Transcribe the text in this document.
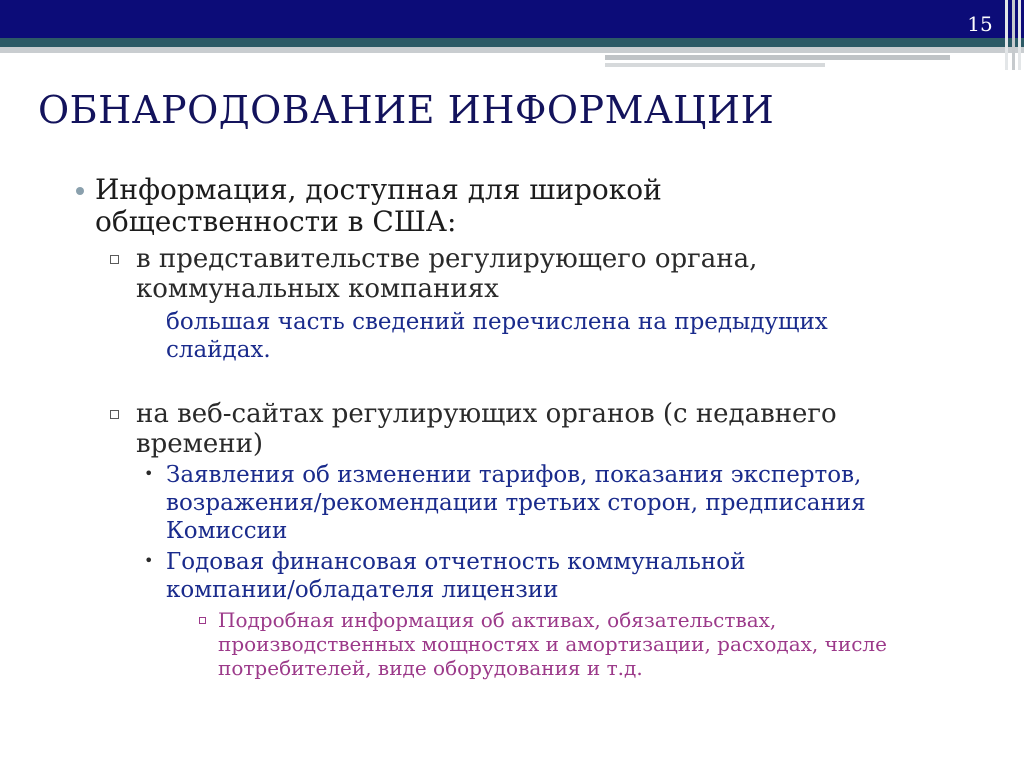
15
ОБНАРОДОВАНИЕ ИНФОРМАЦИИ
Информация, доступная для широкой
общественности в США:
в представительстве регулирующего органа,
коммунальных компаниях
большая часть сведений перечислена на предыдущих
слайдах.
на веб-сайтах регулирующих органов (с недавнего
времени)
• Заявления об изменении тарифов, показания экспертов,
возражения/рекомендации третьих сторон, предписания
Комиссии
• Годовая финансовая отчетность коммунальной
компании/обладателя лицензии
Подробная информация об активах, обязательствах,
производственных мощностях и амортизации, расходах, числе
потребителей, виде оборудования и т.д.
